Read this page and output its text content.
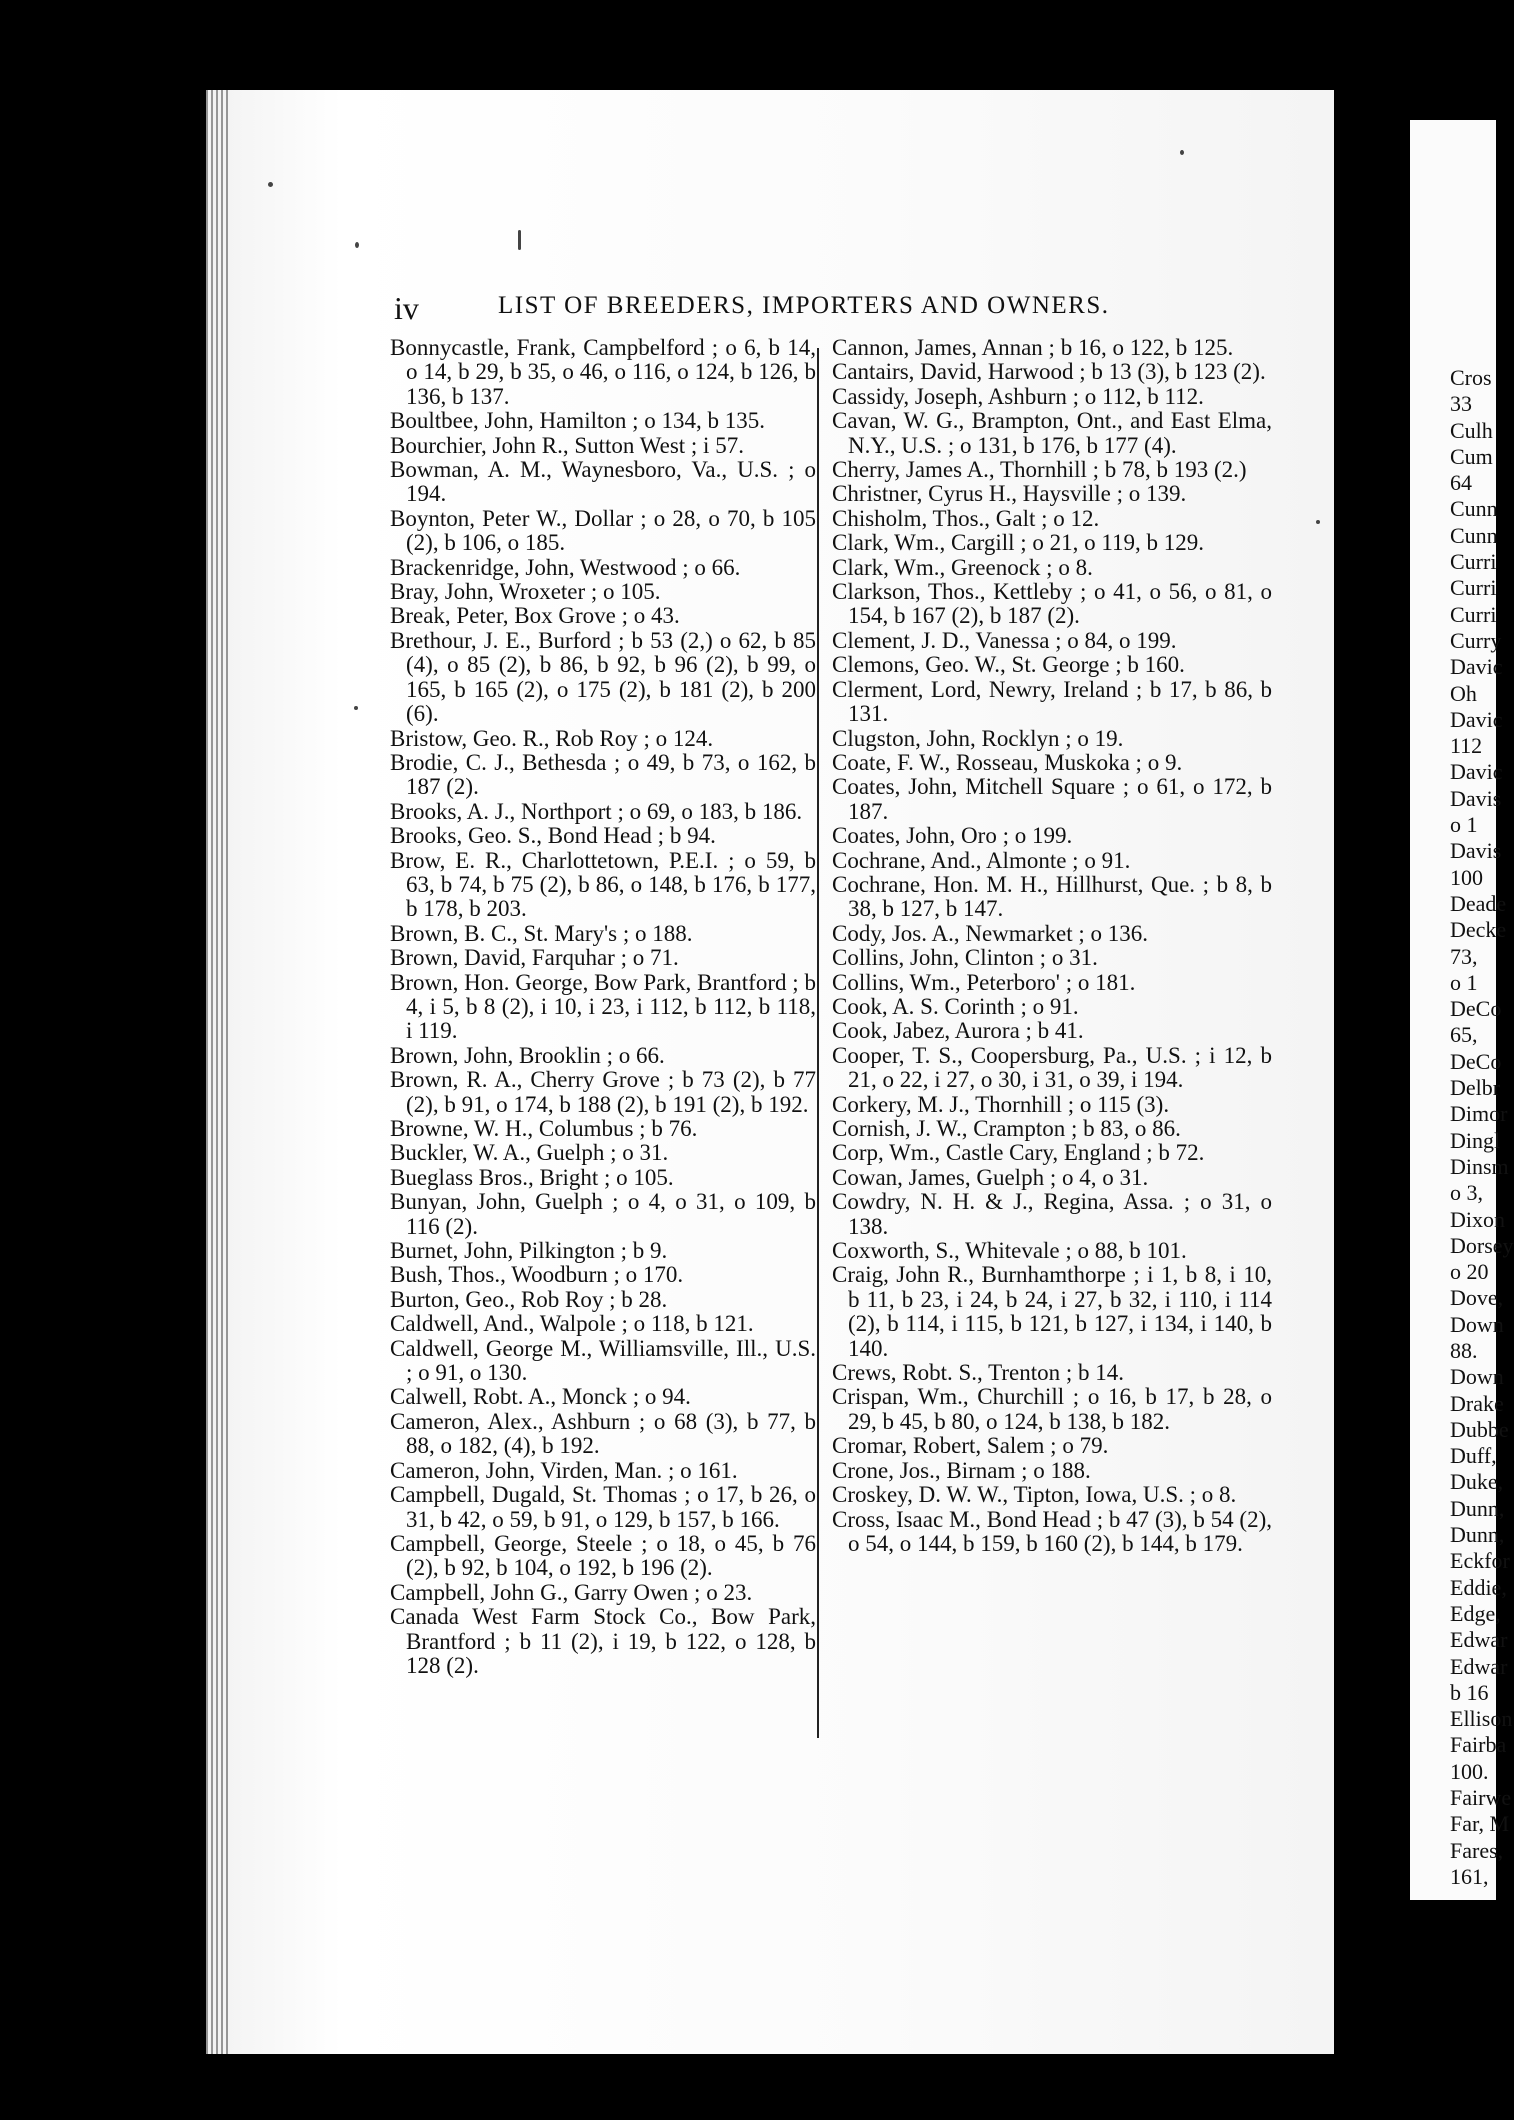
iv	LIST OF BREEDERS, IMPORTERS AND OWNERS.

Bonnycastle, Frank, Campbelford ; o 6, b 14, o 14, b 29, b 35, o 46, o 116, o 124, b 126, b 136, b 137.

Boultbee, John, Hamilton ; o 134, b 135.

Bourchier, John R., Sutton West ; i 57.

Bowman, A. M., Waynesboro, Va., U.S. ; o 194.

Boynton, Peter W., Dollar ; o 28, o 70, b 105 (2), b 106, o 185.

Brackenridge, John, Westwood ; o 66.

Bray, John, Wroxeter ; o 105.

Break, Peter, Box Grove ; o 43.

Brethour, J. E., Burford ; b 53 (2,) o 62, b 85 (4), o 85 (2), b 86, b 92, b 96 (2), b 99, o 165, b 165 (2), o 175 (2), b 181 (2), b 200 (6).

Bristow, Geo. R., Rob Roy ; o 124.

Brodie, C. J., Bethesda ; o 49, b 73, o 162, b 187 (2).

Brooks, A. J., Northport ; o 69, o 183, b 186.

Brooks, Geo. S., Bond Head ; b 94.

Brow, E. R., Charlottetown, P.E.I. ; o 59, b 63, b 74, b 75 (2), b 86, o 148, b 176, b 177, b 178, b 203.

Brown, B. C., St. Mary's ; o 188.

Brown, David, Farquhar ; o 71.

Brown, Hon. George, Bow Park, Brantford ; b 4, i 5, b 8 (2), i 10, i 23, i 112, b 112, b 118, i 119.

Brown, John, Brooklin ; o 66.

Brown, R. A., Cherry Grove ; b 73 (2), b 77 (2), b 91, o 174, b 188 (2), b 191 (2), b 192.

Browne, W. H., Columbus ; b 76.

Buckler, W. A., Guelph ; o 31.

Bueglass Bros., Bright ; o 105.

Bunyan, John, Guelph ; o 4, o 31, o 109, b 116 (2).

Burnet, John, Pilkington ; b 9.

Bush, Thos., Woodburn ; o 170.

Burton, Geo., Rob Roy ; b 28.

Caldwell, And., Walpole ; o 118, b 121.

Caldwell, George M., Williamsville, Ill., U.S. ; o 91, o 130.

Calwell, Robt. A., Monck ; o 94.

Cameron, Alex., Ashburn ; o 68 (3), b 77, b 88, o 182, (4), b 192.

Cameron, John, Virden, Man. ; o 161.

Campbell, Dugald, St. Thomas ; o 17, b 26, o 31, b 42, o 59, b 91, o 129, b 157, b 166.

Campbell, George, Steele ; o 18, o 45, b 76 (2), b 92, b 104, o 192, b 196 (2).

Campbell, John G., Garry Owen ; o 23.

Canada West Farm Stock Co., Bow Park, Brantford ; b 11 (2), i 19, b 122, o 128, b 128 (2).

Cannon, James, Annan ; b 16, o 122, b 125.

Cantairs, David, Harwood ; b 13 (3), b 123 (2).

Cassidy, Joseph, Ashburn ; o 112, b 112.

Cavan, W. G., Brampton, Ont., and East Elma, N.Y., U.S. ; o 131, b 176, b 177 (4).

Cherry, James A., Thornhill ; b 78, b 193 (2.)

Christner, Cyrus H., Haysville ; o 139.

Chisholm, Thos., Galt ; o 12.

Clark, Wm., Cargill ; o 21, o 119, b 129.

Clark, Wm., Greenock ; o 8.

Clarkson, Thos., Kettleby ; o 41, o 56, o 81, o 154, b 167 (2), b 187 (2).

Clement, J. D., Vanessa ; o 84, o 199.

Clemons, Geo. W., St. George ; b 160.

Clerment, Lord, Newry, Ireland ; b 17, b 86, b 131.

Clugston, John, Rocklyn ; o 19.

Coate, F. W., Rosseau, Muskoka ; o 9.

Coates, John, Mitchell Square ; o 61, o 172, b 187.

Coates, John, Oro ; o 199.

Cochrane, And., Almonte ; o 91.

Cochrane, Hon. M. H., Hillhurst, Que. ; b 8, b 38, b 127, b 147.

Cody, Jos. A., Newmarket ; o 136.

Collins, John, Clinton ; o 31.

Collins, Wm., Peterboro' ; o 181.

Cook, A. S. Corinth ; o 91.

Cook, Jabez, Aurora ; b 41.

Cooper, T. S., Coopersburg, Pa., U.S. ; i 12, b 21, o 22, i 27, o 30, i 31, o 39, i 194.

Corkery, M. J., Thornhill ; o 115 (3).

Cornish, J. W., Crampton ; b 83, o 86.

Corp, Wm., Castle Cary, England ; b 72.

Cowan, James, Guelph ; o 4, o 31.

Cowdry, N. H. & J., Regina, Assa. ; o 31, o 138.

Coxworth, S., Whitevale ; o 88, b 101.

Craig, John R., Burnhamthorpe ; i 1, b 8, i 10, b 11, b 23, i 24, b 24, i 27, b 32, i 110, i 114 (2), b 114, i 115, b 121, b 127, i 134, i 140, b 140.

Crews, Robt. S., Trenton ; b 14.

Crispan, Wm., Churchill ; o 16, b 17, b 28, o 29, b 45, b 80, o 124, b 138, b 182.

Cromar, Robert, Salem ; o 79.

Crone, Jos., Birnam ; o 188.

Croskey, D. W. W., Tipton, Iowa, U.S. ; o 8.

Cross, Isaac M., Bond Head ; b 47 (3), b 54 (2), o 54, o 144, b 159, b 160 (2), b 144, b 179.

Cros
33
Culh
Cum
64
Cunn
Cunn
Curri
Curri
Curri
Curry
Davic
Oh
Davic
112
Davic
Davis
o 1
Davis
100
Deade
Decke
73,
o 1
DeCo
65,
DeCo
Delbr
Dimor
Dingl
Dinsm
o 3,
Dixon
Dorsey
o 20
Dove,
Down
88.
Down
Drake
Dubbe
Duff,
Duke,
Dunn,
Dunn,
Eckfor
Eddie,
Edge,
Edwar
Edwar
b 16
Ellison
Fairba
100.
Fairwe
Far, M
Fares,
161,
